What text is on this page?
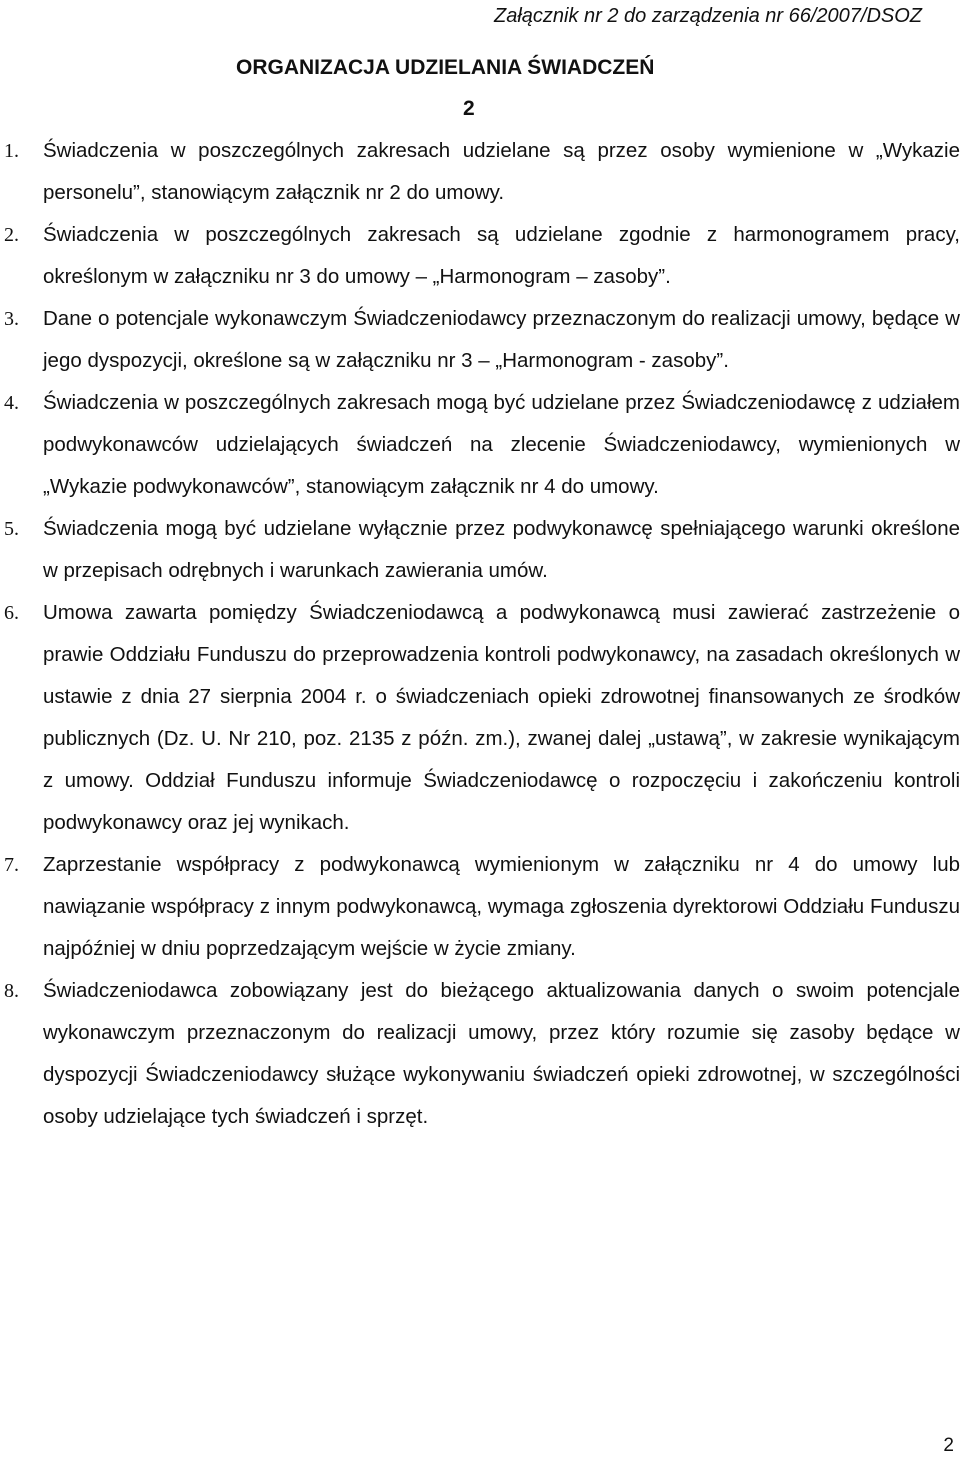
Załącznik nr 2 do zarządzenia nr 66/2007/DSOZ
ORGANIZACJA UDZIELANIA ŚWIADCZEŃ
2
1. Świadczenia w poszczególnych zakresach udzielane są przez osoby wymienione w „Wykazie personelu”, stanowiącym załącznik nr 2 do umowy.
2. Świadczenia w poszczególnych zakresach są udzielane zgodnie z harmonogramem pracy, określonym w załączniku nr 3 do umowy – „Harmonogram – zasoby”.
3. Dane o potencjale wykonawczym Świadczeniodawcy przeznaczonym do realizacji umowy, będące w jego dyspozycji, określone są w załączniku nr 3 – „Harmonogram - zasoby”.
4. Świadczenia w poszczególnych zakresach mogą być udzielane przez Świadczeniodawcę z udziałem podwykonawców udzielających świadczeń na zlecenie Świadczeniodawcy, wymienionych w „Wykazie podwykonawców”, stanowiącym załącznik nr 4 do umowy.
5. Świadczenia mogą być udzielane wyłącznie przez podwykonawcę spełniającego warunki określone w przepisach odrębnych i warunkach zawierania umów.
6. Umowa zawarta pomiędzy Świadczeniodawcą a podwykonawcą musi zawierać zastrzeżenie o prawie Oddziału Funduszu do przeprowadzenia kontroli podwykonawcy, na zasadach określonych w ustawie z dnia 27 sierpnia 2004 r. o świadczeniach opieki zdrowotnej finansowanych ze środków publicznych (Dz. U. Nr 210, poz. 2135 z późn. zm.), zwanej dalej „ustawą”, w zakresie wynikającym z umowy. Oddział Funduszu informuje Świadczeniodawcę o rozpoczęciu i zakończeniu kontroli podwykonawcy oraz jej wynikach.
7. Zaprzestanie współpracy z podwykonawcą wymienionym w załączniku nr 4 do umowy lub nawiązanie współpracy z innym podwykonawcą, wymaga zgłoszenia dyrektorowi Oddziału Funduszu najpóźniej w dniu poprzedzającym wejście w życie zmiany.
8. Świadczeniodawca zobowiązany jest do bieżącego aktualizowania danych o swoim potencjale wykonawczym przeznaczonym do realizacji umowy, przez który rozumie się zasoby będące w dyspozycji Świadczeniodawcy służące wykonywaniu świadczeń opieki zdrowotnej, w szczególności osoby udzielające tych świadczeń i sprzęt.
2
